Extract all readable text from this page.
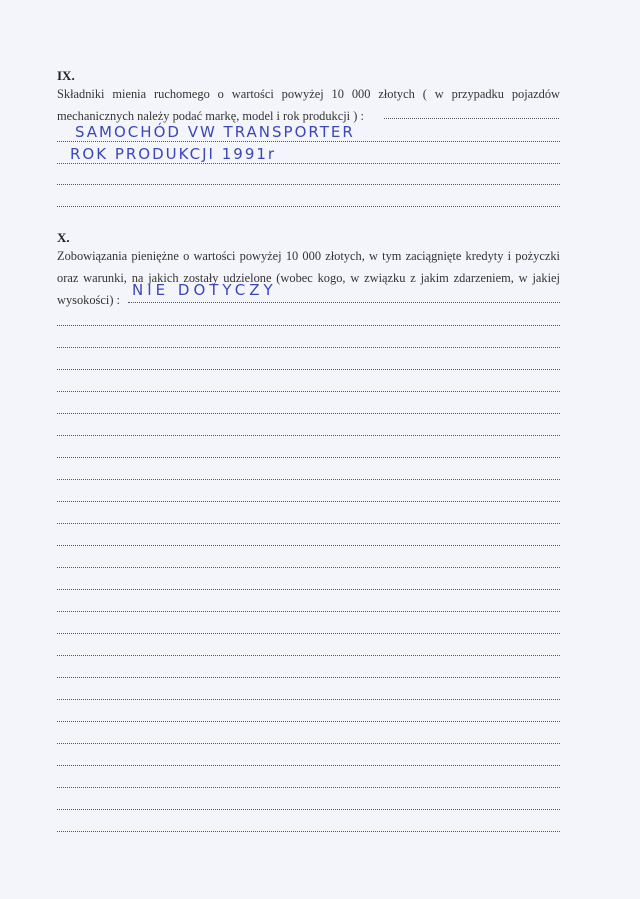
IX.
Składniki mienia ruchomego o wartości powyżej 10 000 złotych ( w przypadku pojazdów
mechanicznych należy podać markę, model i rok produkcji ) :
SAMOCHÓD VW TRANSPORTER
ROK PRODUKCJI 1991r
X.
Zobowiązania pieniężne o wartości powyżej 10 000 złotych, w tym zaciągnięte kredyty i pożyczki
oraz warunki, na jakich zostały udzielone (wobec kogo, w związku z jakim zdarzeniem, w jakiej
wysokości) :
NIE DOTYCZY
